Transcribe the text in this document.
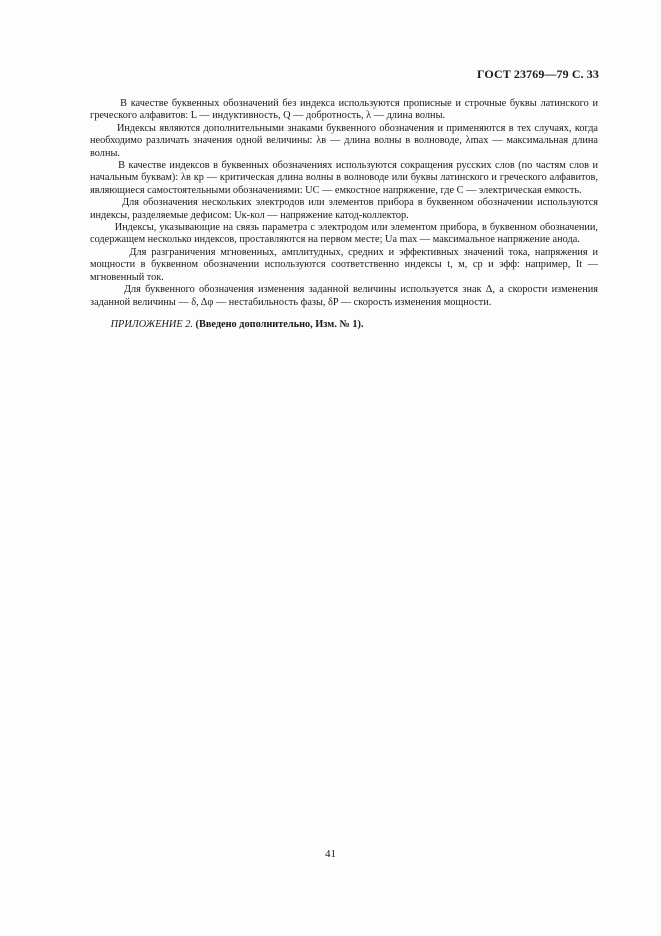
ГОСТ 23769—79 С. 33

В качестве буквенных обозначений без индекса используются прописные и строчные буквы латинского и греческого алфавитов: L — индуктивность, Q — добротность, λ — длина волны.

Индексы являются дополнительными знаками буквенного обозначения и применяются в тех случаях, когда необходимо различать значения одной величины: λв — длина волны в волноводе, λmax — максимальная длина волны.

В качестве индексов в буквенных обозначениях используются сокращения русских слов (по частям слов и начальным буквам): λв кр — критическая длина волны в волноводе или буквы латинского и греческого алфавитов, являющиеся самостоятельными обозначениями: UC — емкостное напряжение, где C — электрическая емкость.

Для обозначения нескольких электродов или элементов прибора в буквенном обозначении используются индексы, разделяемые дефисом: Uк-кол — напряжение катод-коллектор.

Индексы, указывающие на связь параметра с электродом или элементом прибора, в буквенном обозначении, содержащем несколько индексов, проставляются на первом месте; Ua max — максимальное напряжение анода.

Для разграничения мгновенных, амплитудных, средних и эффективных значений тока, напряжения и мощности в буквенном обозначении используются соответственно индексы t, м, ср и эфф: например, It — мгновенный ток.

Для буквенного обозначения изменения заданной величины используется знак Δ, а скорости изменения заданной величины — δ, Δφ — нестабильность фазы, δP — скорость изменения мощности.

ПРИЛОЖЕНИЕ 2. (Введено дополнительно, Изм. № 1).

41
